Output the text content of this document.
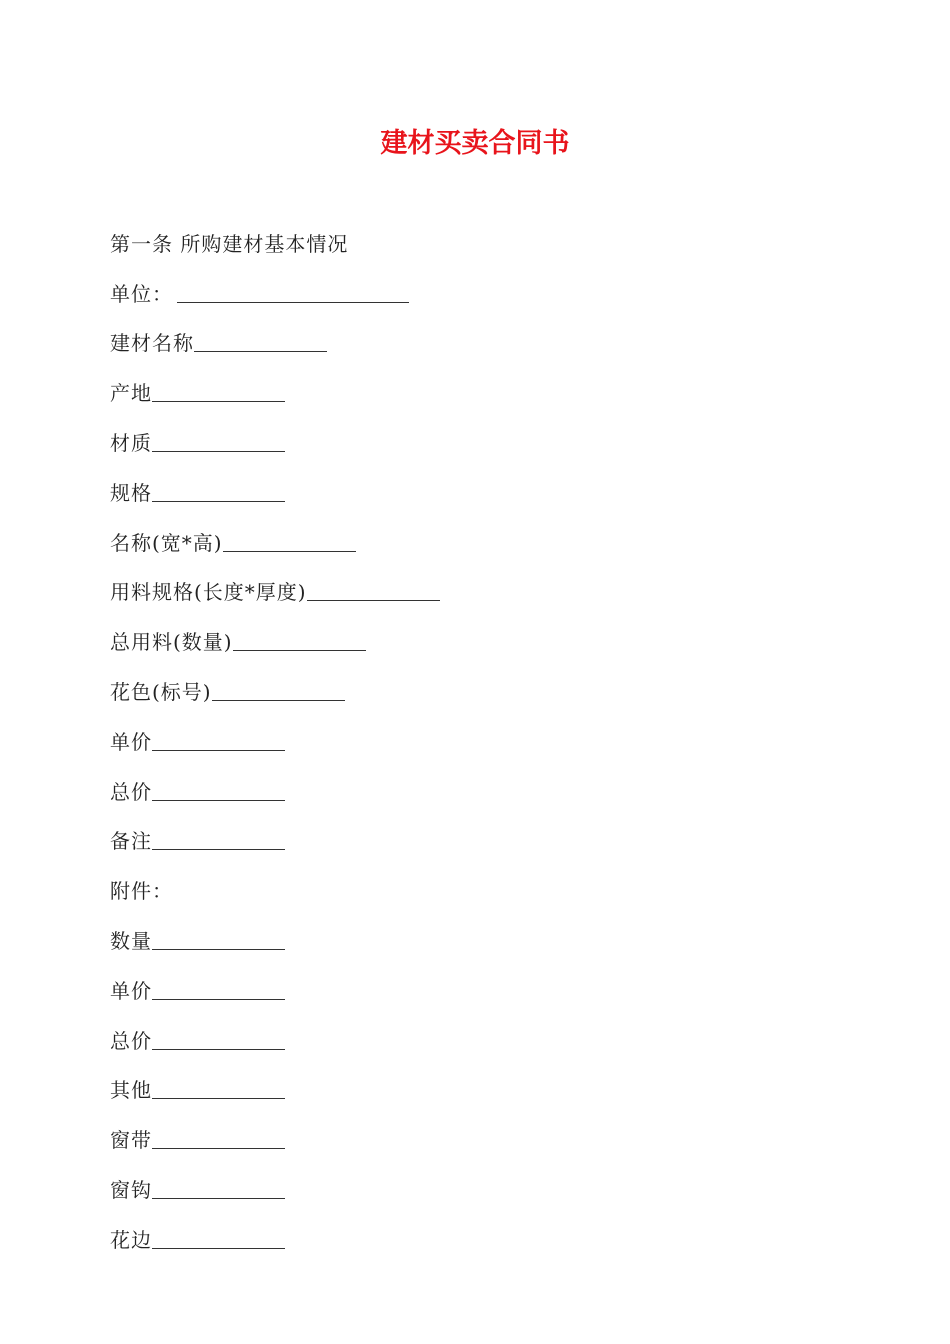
建材买卖合同书
第一条 所购建材基本情况
单位：
建材名称
产地
材质
规格
名称(宽*高)
用料规格(长度*厚度)
总用料(数量)
花色(标号)
单价
总价
备注
附件：
数量
单价
总价
其他
窗带
窗钩
花边
